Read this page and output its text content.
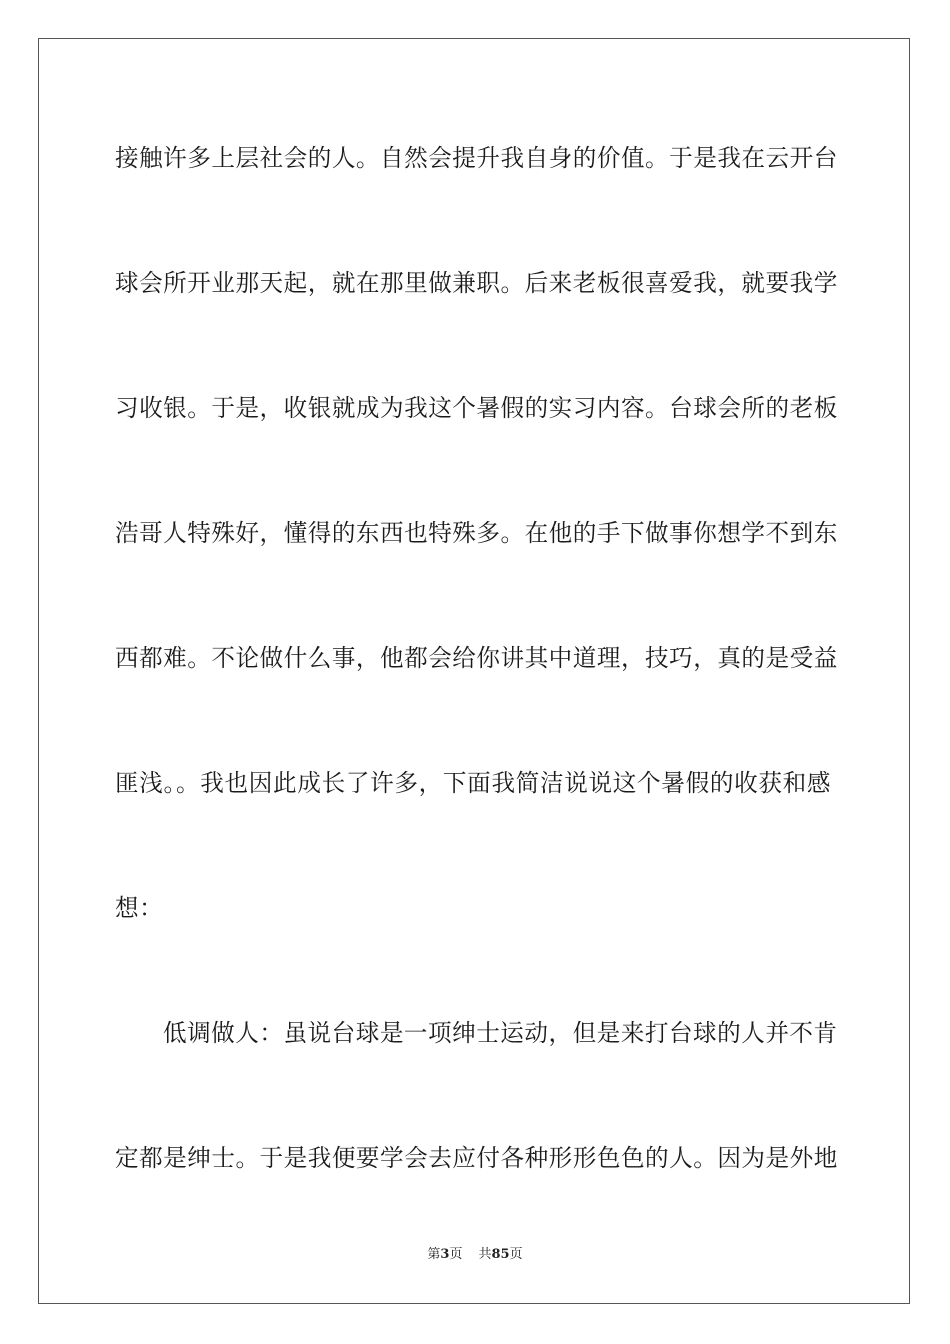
接触许多上层社会的人。自然会提升我自身的价值。于是我在云开台
球会所开业那天起，就在那里做兼职。后来老板很喜爱我，就要我学
习收银。于是，收银就成为我这个暑假的实习内容。台球会所的老板
浩哥人特殊好，懂得的东西也特殊多。在他的手下做事你想学不到东
西都难。不论做什么事，他都会给你讲其中道理，技巧，真的是受益
匪浅。。我也因此成长了许多，下面我简洁说说这个暑假的收获和感
想：
低调做人：虽说台球是一项绅士运动，但是来打台球的人并不肯
定都是绅士。于是我便要学会去应付各种形形色色的人。因为是外地
第3页 共85页
